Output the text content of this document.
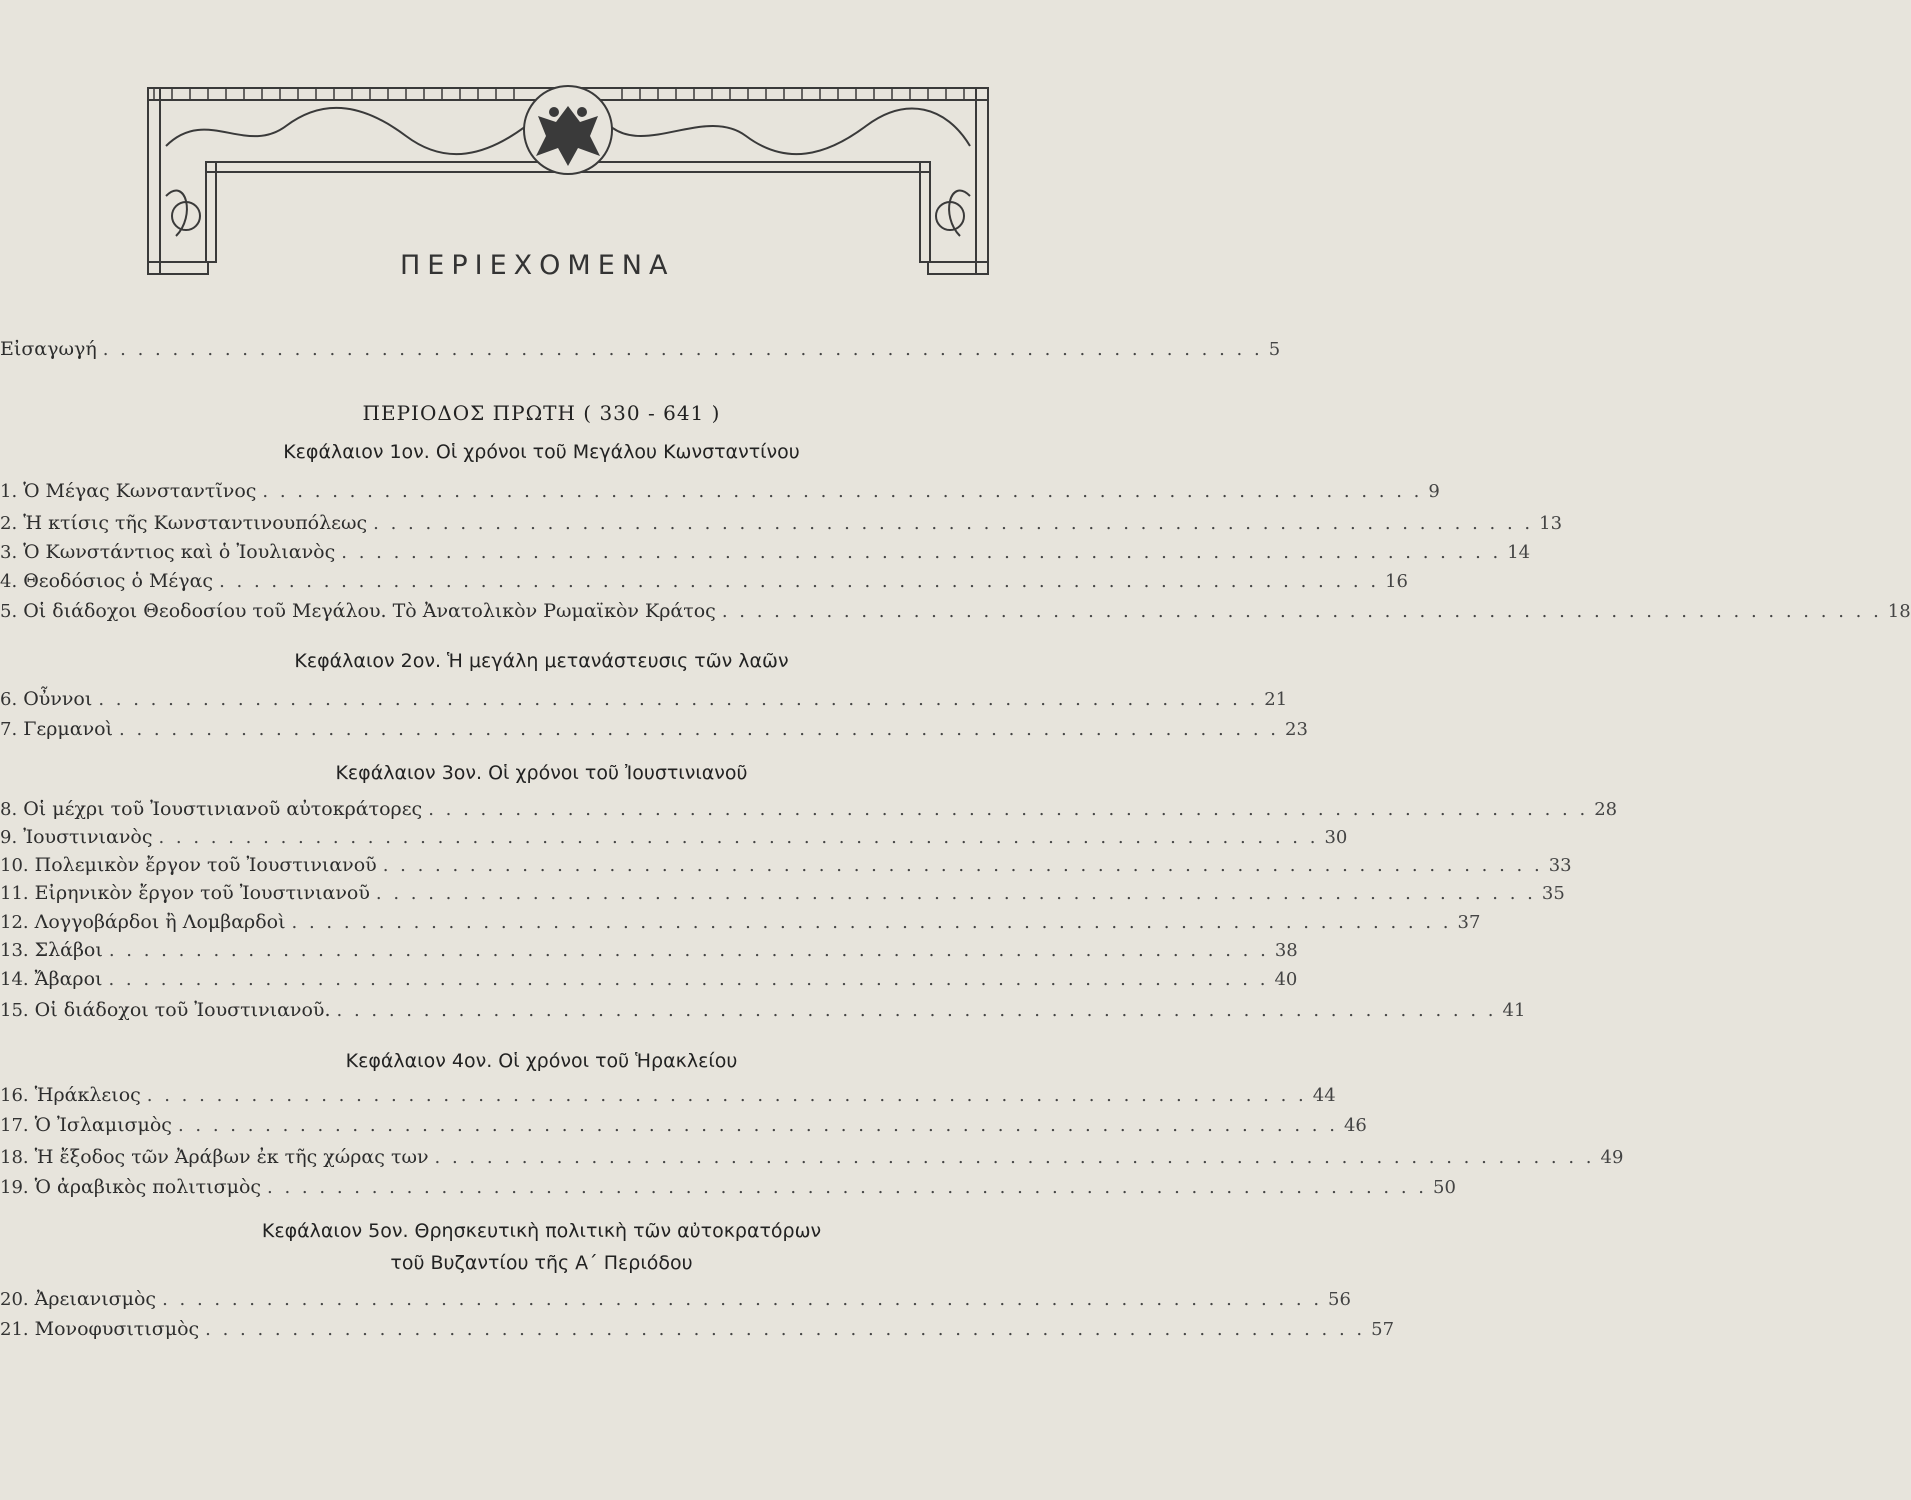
ΠΕΡΙΕΧΟΜΕΝΑ
Εἰσαγωγή . . . . . . . . . . . . . . . . . . . . . . . . . . . . . . . . . . . . . . . . . . . . . . . . . . . . . . . . . . . . . . . . . . . 5
ΠΕΡΙΟΔΟΣ ΠΡΩΤΗ ( 330 - 641 )
Κεφάλαιον 1ον. Οἱ χρόνοι τοῦ Μεγάλου Κωνσταντίνου
1. Ὁ Μέγας Κωνσταντῖνος . . . . . . . . . . . . . . . . . . . . . . . . . . . . . . . . . . . . . . . . . . . . . . . . . . . . . . . . . . . . . . . . . . . 9
2. Ἡ κτίσις τῆς Κωνσταντινουπόλεως . . . . . . . . . . . . . . . . . . . . . . . . . . . . . . . . . . . . . . . . . . . . . . . . . . . . . . . . . . . . . . . . . . . 13
3. Ὁ Κωνστάντιος καὶ ὁ Ἰουλιανὸς . . . . . . . . . . . . . . . . . . . . . . . . . . . . . . . . . . . . . . . . . . . . . . . . . . . . . . . . . . . . . . . . . . . 14
4. Θεοδόσιος ὁ Μέγας . . . . . . . . . . . . . . . . . . . . . . . . . . . . . . . . . . . . . . . . . . . . . . . . . . . . . . . . . . . . . . . . . . . 16
5. Οἱ διάδοχοι Θεοδοσίου τοῦ Μεγάλου. Τὸ Ἀνατολικὸν Ρωμαϊκὸν Κράτος . . . . . . . . . . . . . . . . . . . . . . . . . . . . . . . . . . . . . . . . . . . . . . . . . . . . . . . . . . . . . . . . . . . 18
Κεφάλαιον 2ον. Ἡ μεγάλη μετανάστευσις τῶν λαῶν
6. Οὖννοι . . . . . . . . . . . . . . . . . . . . . . . . . . . . . . . . . . . . . . . . . . . . . . . . . . . . . . . . . . . . . . . . . . . 21
7. Γερμανοὶ . . . . . . . . . . . . . . . . . . . . . . . . . . . . . . . . . . . . . . . . . . . . . . . . . . . . . . . . . . . . . . . . . . . 23
Κεφάλαιον 3ον. Οἱ χρόνοι τοῦ Ἰουστινιανοῦ
8. Οἱ μέχρι τοῦ Ἰουστινιανοῦ αὐτοκράτορες . . . . . . . . . . . . . . . . . . . . . . . . . . . . . . . . . . . . . . . . . . . . . . . . . . . . . . . . . . . . . . . . . . . 28
9. Ἰουστινιανὸς . . . . . . . . . . . . . . . . . . . . . . . . . . . . . . . . . . . . . . . . . . . . . . . . . . . . . . . . . . . . . . . . . . . 30
10. Πολεμικὸν ἔργον τοῦ Ἰουστινιανοῦ . . . . . . . . . . . . . . . . . . . . . . . . . . . . . . . . . . . . . . . . . . . . . . . . . . . . . . . . . . . . . . . . . . . 33
11. Εἰρηνικὸν ἔργον τοῦ Ἰουστινιανοῦ . . . . . . . . . . . . . . . . . . . . . . . . . . . . . . . . . . . . . . . . . . . . . . . . . . . . . . . . . . . . . . . . . . . 35
12. Λογγοβάρδοι ἢ Λομβαρδοὶ . . . . . . . . . . . . . . . . . . . . . . . . . . . . . . . . . . . . . . . . . . . . . . . . . . . . . . . . . . . . . . . . . . . 37
13. Σλάβοι . . . . . . . . . . . . . . . . . . . . . . . . . . . . . . . . . . . . . . . . . . . . . . . . . . . . . . . . . . . . . . . . . . . 38
14. Ἄβαροι . . . . . . . . . . . . . . . . . . . . . . . . . . . . . . . . . . . . . . . . . . . . . . . . . . . . . . . . . . . . . . . . . . . 40
15. Οἱ διάδοχοι τοῦ Ἰουστινιανοῦ. . . . . . . . . . . . . . . . . . . . . . . . . . . . . . . . . . . . . . . . . . . . . . . . . . . . . . . . . . . . . . . . . . . . 41
Κεφάλαιον 4ον. Οἱ χρόνοι τοῦ Ἡρακλείου
16. Ἡράκλειος . . . . . . . . . . . . . . . . . . . . . . . . . . . . . . . . . . . . . . . . . . . . . . . . . . . . . . . . . . . . . . . . . . . 44
17. Ὁ Ἰσλαμισμὸς . . . . . . . . . . . . . . . . . . . . . . . . . . . . . . . . . . . . . . . . . . . . . . . . . . . . . . . . . . . . . . . . . . . 46
18. Ἡ ἔξοδος τῶν Ἀράβων ἐκ τῆς χώρας των . . . . . . . . . . . . . . . . . . . . . . . . . . . . . . . . . . . . . . . . . . . . . . . . . . . . . . . . . . . . . . . . . . . 49
19. Ὁ ἀραβικὸς πολιτισμὸς . . . . . . . . . . . . . . . . . . . . . . . . . . . . . . . . . . . . . . . . . . . . . . . . . . . . . . . . . . . . . . . . . . . 50
Κεφάλαιον 5ον. Θρησκευτικὴ πολιτικὴ τῶν αὐτοκρατόρων
τοῦ Βυζαντίου τῆς Α΄ Περιόδου
20. Ἀρειανισμὸς . . . . . . . . . . . . . . . . . . . . . . . . . . . . . . . . . . . . . . . . . . . . . . . . . . . . . . . . . . . . . . . . . . . 56
21. Μονοφυσιτισμὸς . . . . . . . . . . . . . . . . . . . . . . . . . . . . . . . . . . . . . . . . . . . . . . . . . . . . . . . . . . . . . . . . . . . 57
